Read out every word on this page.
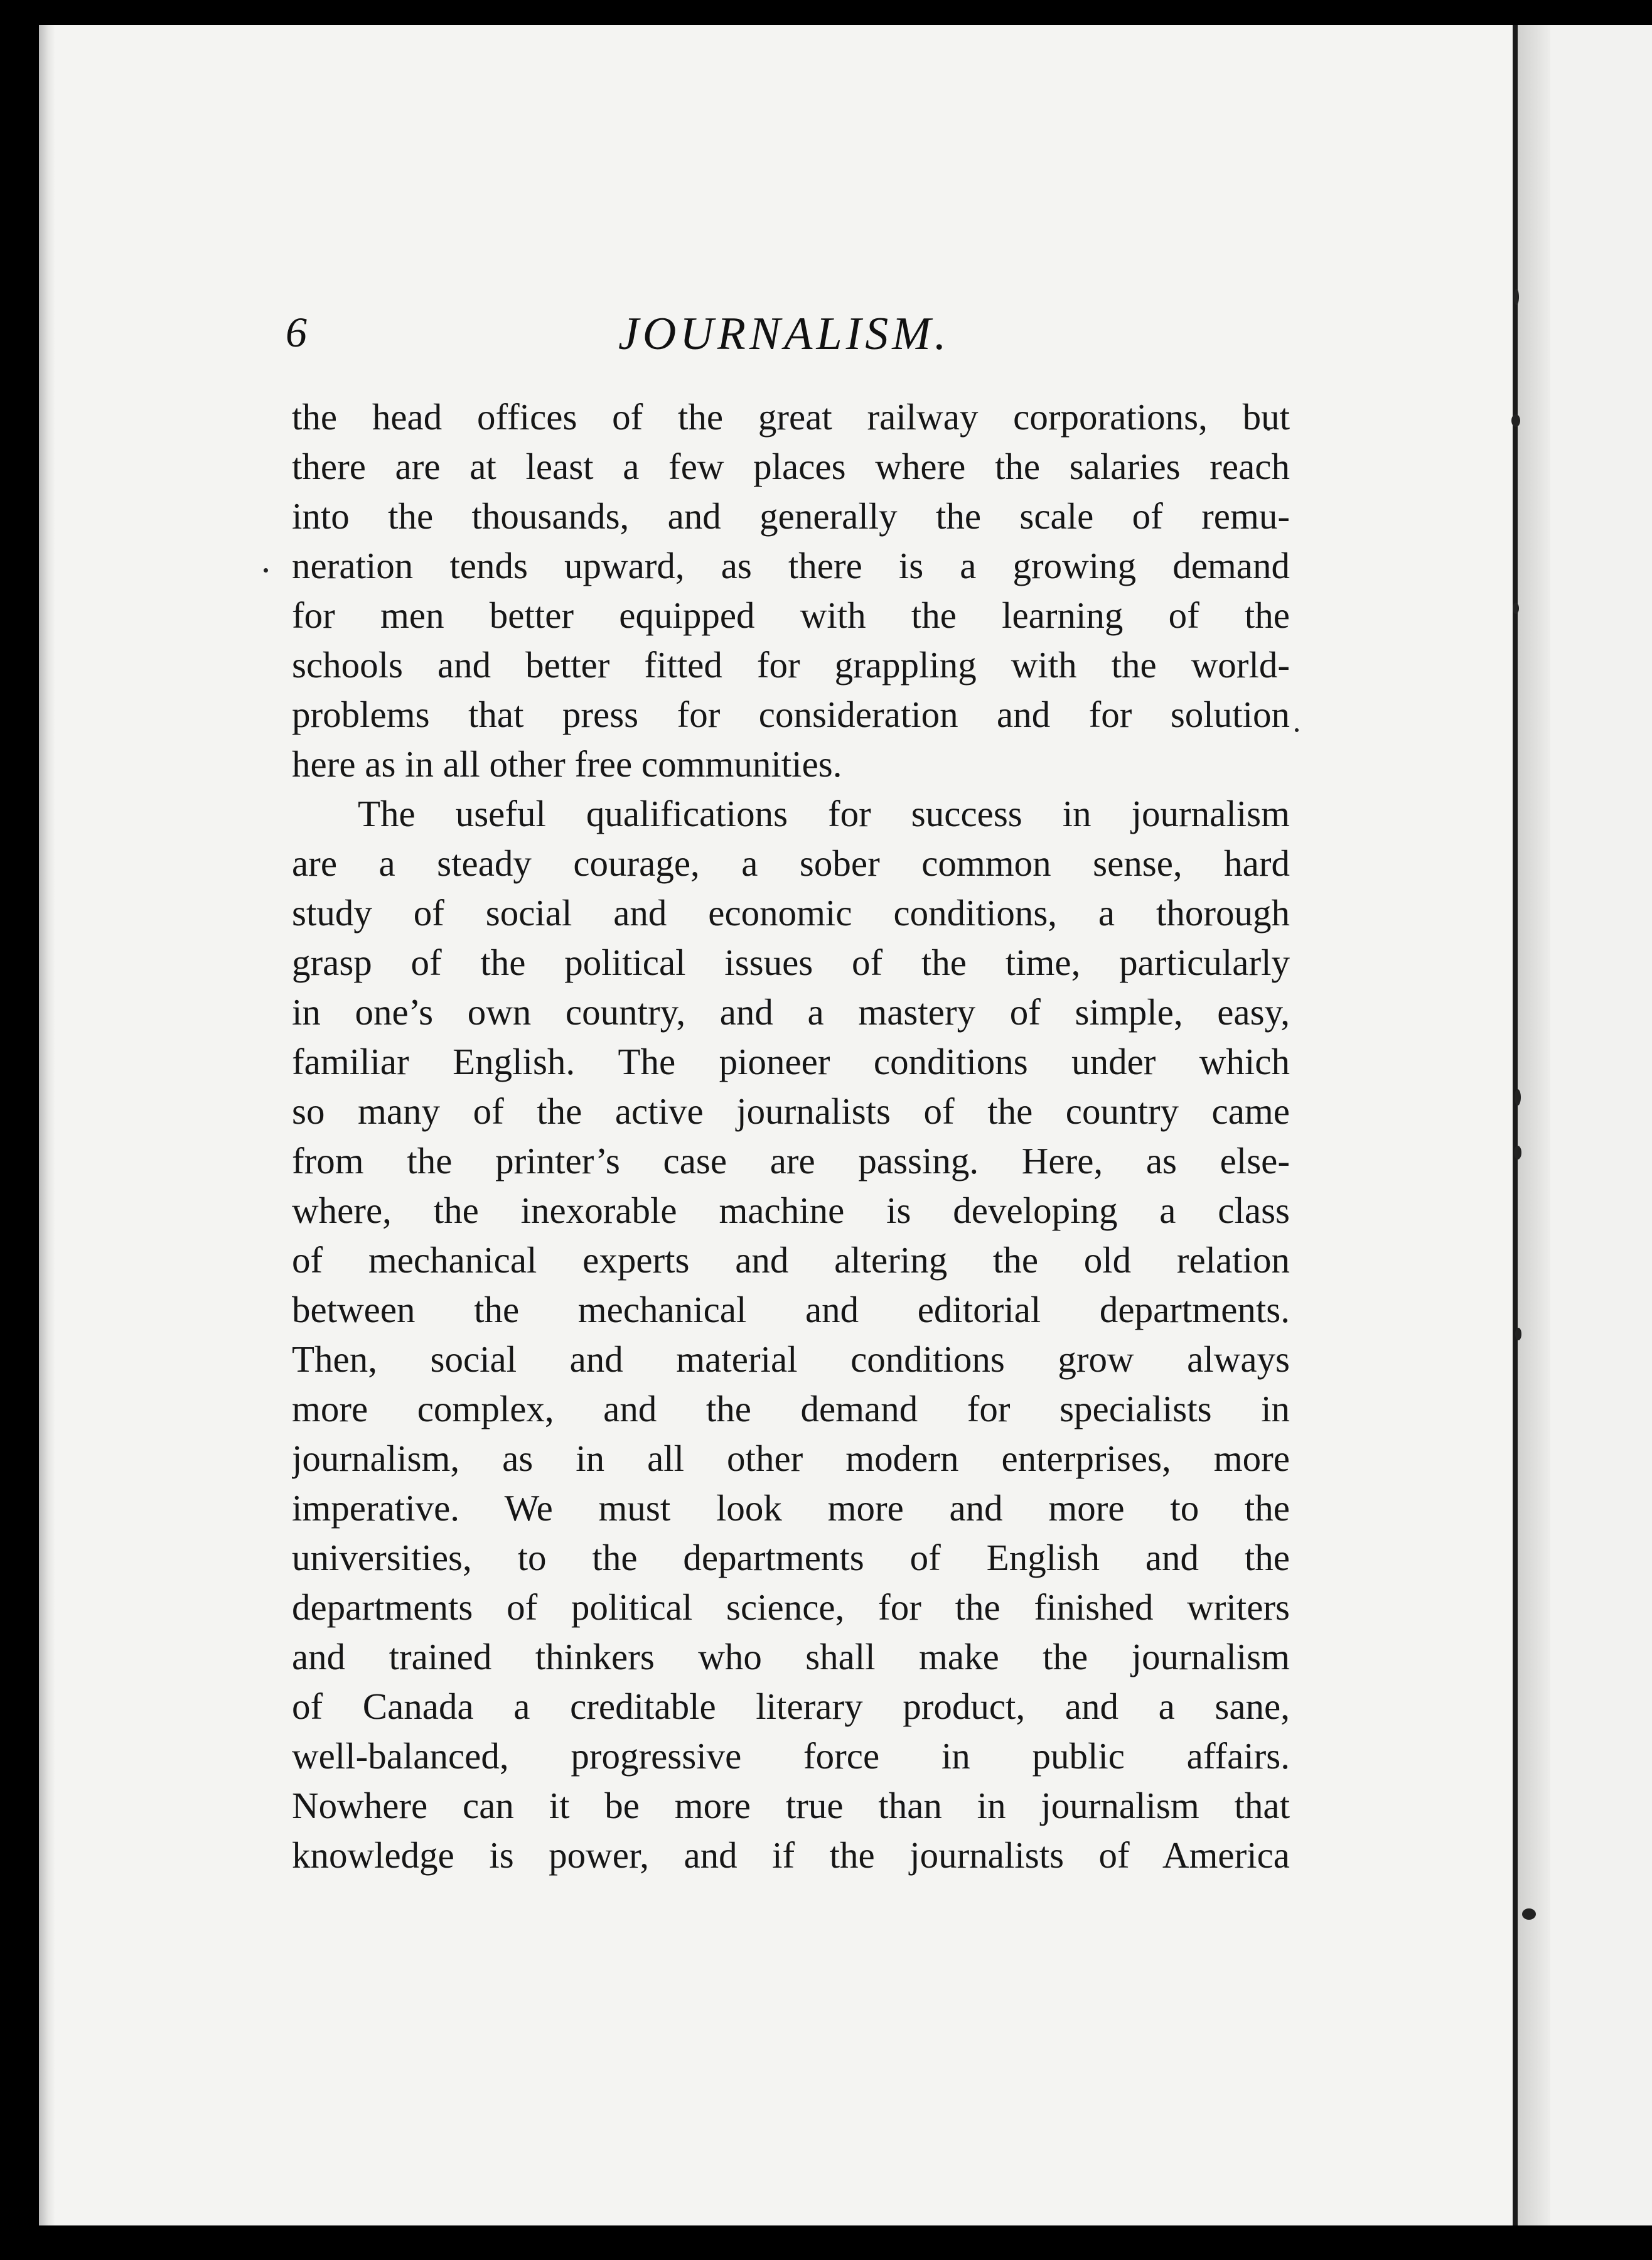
6	JOURNALISM.
the head offices of the great railway corporations, but
there are at least a few places where the salaries reach
into the thousands, and generally the scale of remu-
neration tends upward, as there is a growing demand
for men better equipped with the learning of the
schools and better fitted for grappling with the world-
problems that press for consideration and for solution
here as in all other free communities.
The useful qualifications for success in journalism
are a steady courage, a sober common sense, hard
study of social and economic conditions, a thorough
grasp of the political issues of the time, particularly
in one’s own country, and a mastery of simple, easy,
familiar English. The pioneer conditions under which
so many of the active journalists of the country came
from the printer’s case are passing. Here, as else-
where, the inexorable machine is developing a class
of mechanical experts and altering the old relation
between the mechanical and editorial departments.
Then, social and material conditions grow always
more complex, and the demand for specialists in
journalism, as in all other modern enterprises, more
imperative. We must look more and more to the
universities, to the departments of English and the
departments of political science, for the finished writers
and trained thinkers who shall make the journalism
of Canada a creditable literary product, and a sane,
well-balanced, progressive force in public affairs.
Nowhere can it be more true than in journalism that
knowledge is power, and if the journalists of America
